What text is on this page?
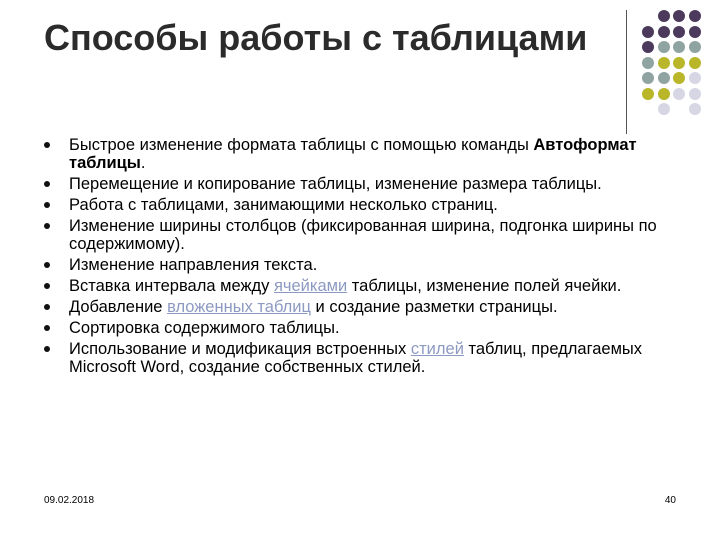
Способы работы с таблицами
Быстрое изменение формата таблицы с помощью команды Автоформат таблицы.
Перемещение и копирование таблицы, изменение размера таблицы.
Работа с таблицами, занимающими несколько страниц.
Изменение ширины столбцов (фиксированная ширина, подгонка ширины по содержимому).
Изменение направления текста.
Вставка интервала между ячейками таблицы, изменение полей ячейки.
Добавление вложенных таблиц и создание разметки страницы.
Сортировка содержимого таблицы.
Использование и модификация встроенных стилей таблиц, предлагаемых Microsoft Word, создание собственных стилей.
09.02.2018	40
